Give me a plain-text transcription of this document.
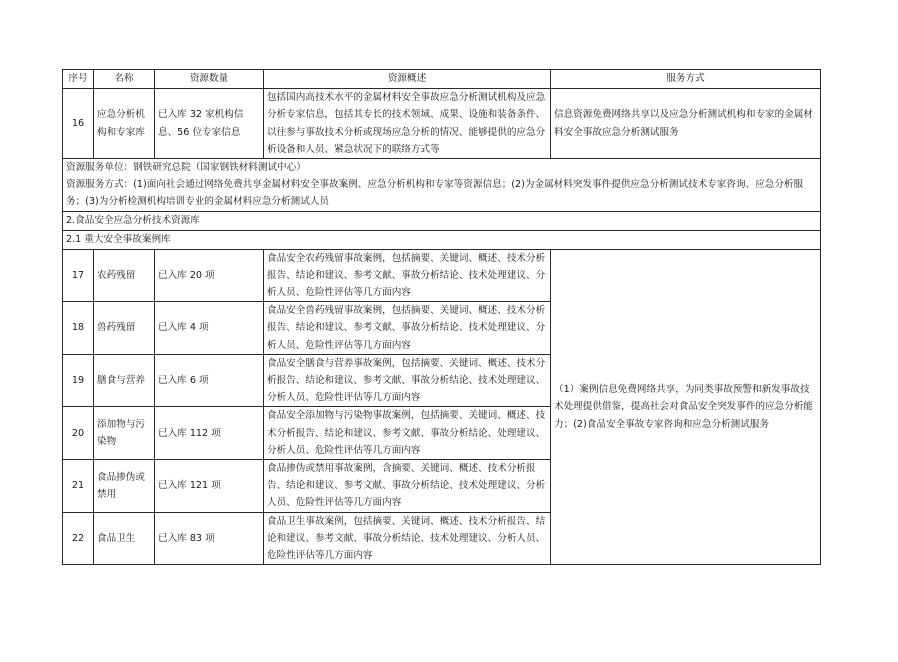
序号	名称	资源数量	资源概述	服务方式
16	应急分析机构和专家库	已入库 32 家机构信息、56 位专家信息	包括国内高技术水平的金属材料安全事故应急分析测试机构及应急分析专家信息，包括其专长的技术领域、成果、设施和装备条件、以往参与事故技术分析或现场应急分析的情况、能够提供的应急分析设备和人员、紧急状况下的联络方式等	信息资源免费网络共享以及应急分析测试机构和专家的金属材料安全事故应急分析测试服务

资源服务单位：钢铁研究总院（国家钢铁材料测试中心）
资源服务方式：(1)面向社会通过网络免费共享金属材料安全事故案例、应急分析机构和专家等资源信息；(2)为金属材料突发事件提供应急分析测试技术专家咨询、应急分析服务；(3)为分析检测机构培训专业的金属材料应急分析测试人员				

2.食品安全应急分析技术资源库				
2.1 重大安全事故案例库				
17	农药残留	已入库 20 项	食品安全农药残留事故案例，包括摘要、关键词、概述、技术分析报告、结论和建议、参考文献、事故分析结论、技术处理建议、分析人员、危险性评估等几方面内容	（1）案例信息免费网络共享，为同类事故预警和新发事故技术处理提供借鉴，提高社会对食品安全突发事件的应急分析能力；(2)食品安全事故专家咨询和应急分析测试服务
18	兽药残留	已入库 4 项	食品安全兽药残留事故案例，包括摘要、关键词、概述、技术分析报告、结论和建议、参考文献、事故分析结论、技术处理建议、分析人员、危险性评估等几方面内容	
19	膳食与营养	已入库 6 项	食品安全膳食与营养事故案例，包括摘要、关键词、概述、技术分析报告、结论和建议、参考文献、事故分析结论、技术处理建议、分析人员、危险性评估等几方面内容	
20	添加物与污染物	已入库 112 项	食品安全添加物与污染物事故案例，包括摘要、关键词、概述、技术分析报告、结论和建议、参考文献、事故分析结论、处理建议、分析人员、危险性评估等几方面内容	
21	食品掺伪或禁用	已入库 121 项	食品掺伪或禁用事故案例，含摘要、关键词、概述、技术分析报告、结论和建议、参考文献、事故分析结论、技术处理建议、分析人员、危险性评估等几方面内容	
22	食品卫生	已入库 83 项	食品卫生事故案例，包括摘要、关键词、概述、技术分析报告、结论和建议、参考文献、事故分析结论、技术处理建议、分析人员、危险性评估等几方面内容	
